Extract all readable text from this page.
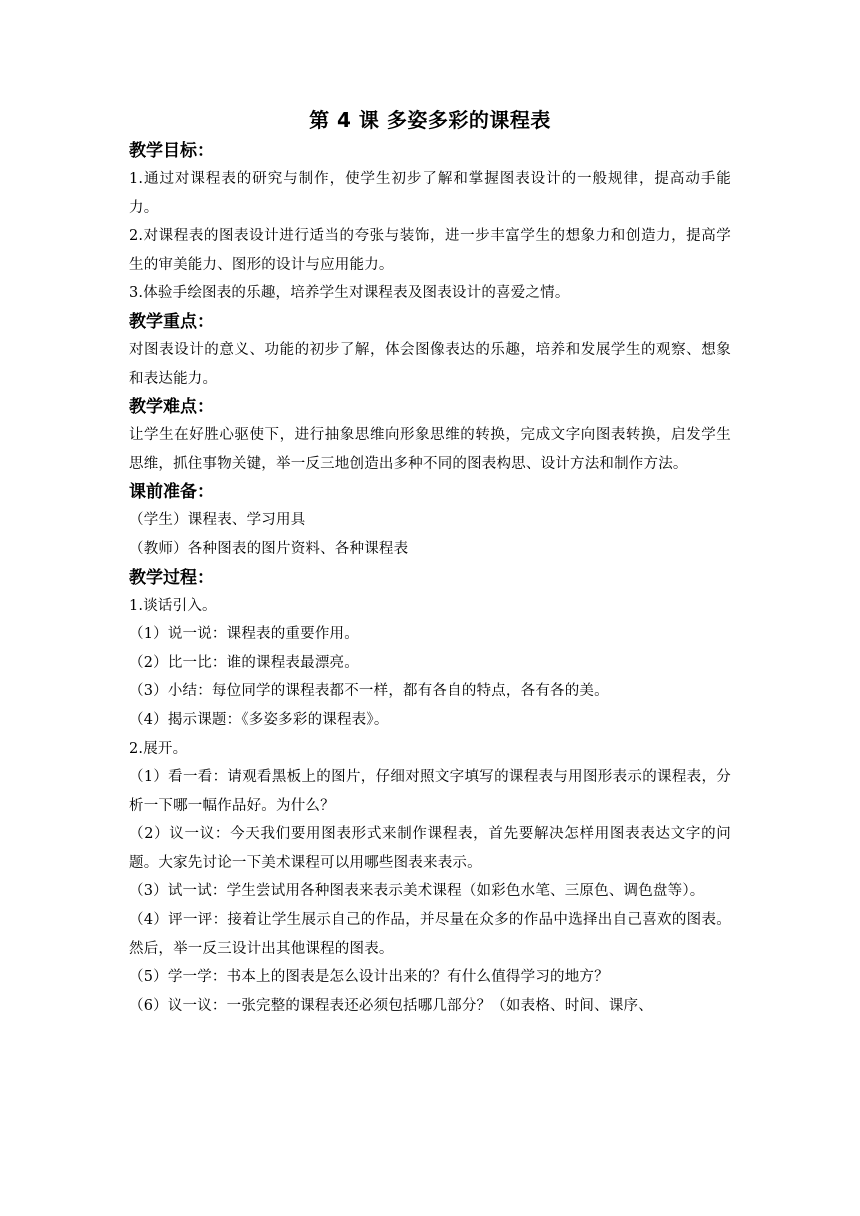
第 4 课 多姿多彩的课程表
教学目标：

1.通过对课程表的研究与制作，使学生初步了解和掌握图表设计的一般规律，提高动手能力。

2.对课程表的图表设计进行适当的夸张与装饰，进一步丰富学生的想象力和创造力，提高学生的审美能力、图形的设计与应用能力。

3.体验手绘图表的乐趣，培养学生对课程表及图表设计的喜爱之情。

教学重点：

对图表设计的意义、功能的初步了解，体会图像表达的乐趣，培养和发展学生的观察、想象和表达能力。

教学难点：

让学生在好胜心驱使下，进行抽象思维向形象思维的转换，完成文字向图表转换，启发学生思维，抓住事物关键，举一反三地创造出多种不同的图表构思、设计方法和制作方法。

课前准备：

（学生）课程表、学习用具

（教师）各种图表的图片资料、各种课程表

教学过程：

1.谈话引入。

（1）说一说：课程表的重要作用。

（2）比一比：谁的课程表最漂亮。

（3）小结：每位同学的课程表都不一样，都有各自的特点，各有各的美。

（4）揭示课题：《多姿多彩的课程表》。

2.展开。

（1）看一看：请观看黑板上的图片，仔细对照文字填写的课程表与用图形表示的课程表，分析一下哪一幅作品好。为什么？

（2）议一议：今天我们要用图表形式来制作课程表，首先要解决怎样用图表表达文字的问题。大家先讨论一下美术课程可以用哪些图表来表示。

（3）试一试：学生尝试用各种图表来表示美术课程（如彩色水笔、三原色、调色盘等）。

（4）评一评：接着让学生展示自己的作品，并尽量在众多的作品中选择出自己喜欢的图表。然后，举一反三设计出其他课程的图表。

（5）学一学：书本上的图表是怎么设计出来的？有什么值得学习的地方？

（6）议一议：一张完整的课程表还必须包括哪几部分？（如表格、时间、课序、
